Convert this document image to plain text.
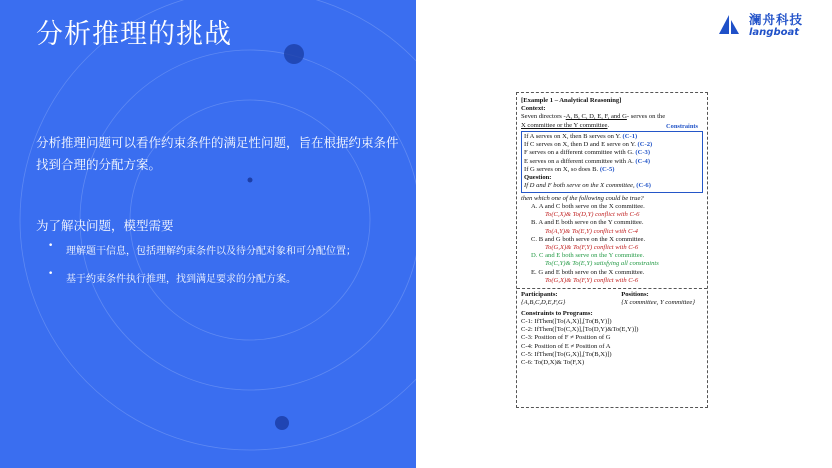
分析推理的挑战
分析推理问题可以看作约束条件的满足性问题，旨在根据约束条件找到合理的分配方案。
为了解决问题，模型需要
• 理解题干信息，包括理解约束条件以及待分配对象和可分配位置；
• 基于约束条件执行推理，找到满足要求的分配方案。
澜舟科技
langboat
[Example 1 – Analytical Reasoning]
Context:
Seven directors -A, B, C, D, E, F, and G- serves on the
X committee or the Y committee.	Constraints
If A serves on X, then B serves on Y. (C-1)
If C serves on X, then D and E serve on Y. (C-2)
F serves on a different committee with G. (C-3)
E serves on a different committee with A. (C-4)
If G serves on X, so does B. (C-5)
Question:
If D and F both serve on the X committee, (C-6)
then which one of the following could be true?
A. A and C both serve on the X committee.
To(C,X)& To(D,Y) conflict with C-6
B. A and E both serve on the Y committee.
To(A,Y)& To(E,Y) conflict with C-4
C. B and G both serve on the X committee.
To(G,X)& To(F,Y) conflict with C-6
D. C and E both serve on the Y committee.
To(C,Y)& To(E,Y) satisfying all constraints
E. G and E both serve on the X committee.
To(G,X)& To(F,Y) conflict with C-6
Participants:
{A,B,C,D,E,F,G}
Positions:
{X committee, Y committee}
Constraints to Programs:
C-1: IfThen([To(A,X)],[To(B,Y)])
C-2: IfThen([To(C,X)],[To(D,Y)&To(E,Y)])
C-3: Position of F ≠ Position of G
C-4: Position of E ≠ Position of A
C-5: IfThen([To(G,X)],[To(B,X)])
C-6: To(D,X)& To(F,X)
